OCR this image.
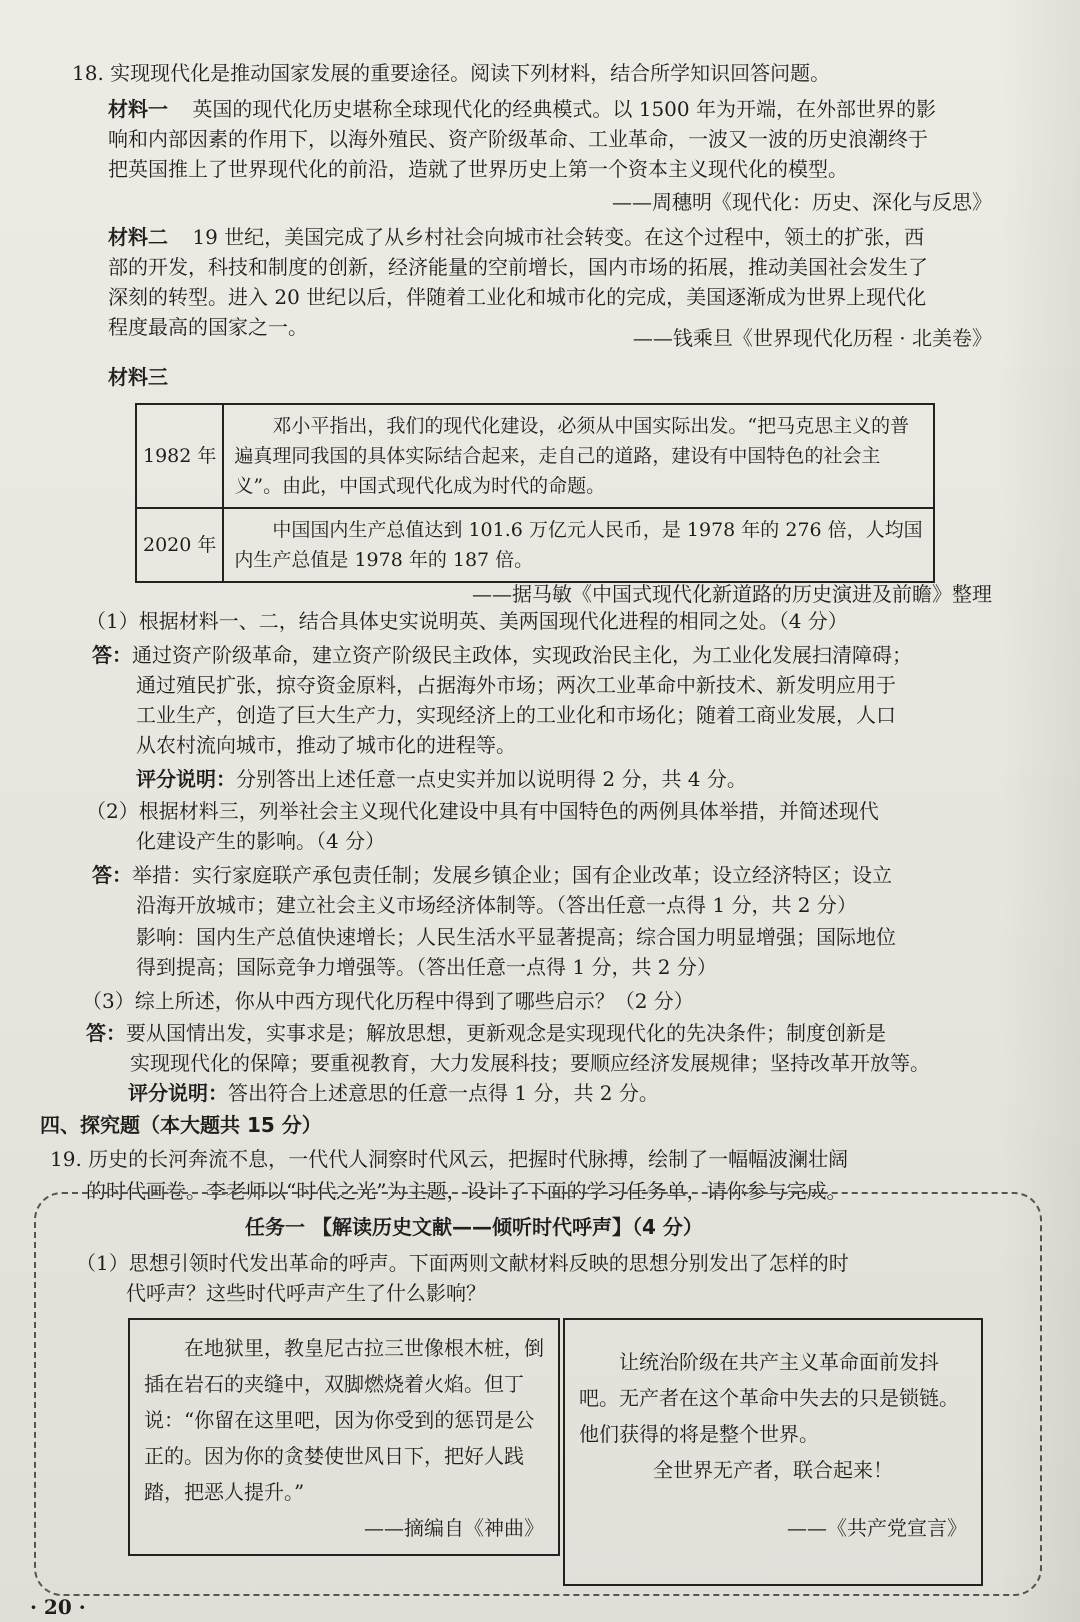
18. 实现现代化是推动国家发展的重要途径。阅读下列材料，结合所学知识回答问题。
材料一 英国的现代化历史堪称全球现代化的经典模式。以 1500 年为开端，在外部世界的影
响和内部因素的作用下，以海外殖民、资产阶级革命、工业革命，一波又一波的历史浪潮终于
把英国推上了世界现代化的前沿，造就了世界历史上第一个资本主义现代化的模型。
——周穗明《现代化：历史、深化与反思》
材料二 19 世纪，美国完成了从乡村社会向城市社会转变。在这个过程中，领土的扩张，西
部的开发，科技和制度的创新，经济能量的空前增长，国内市场的拓展，推动美国社会发生了
深刻的转型。进入 20 世纪以后，伴随着工业化和城市化的完成，美国逐渐成为世界上现代化
程度最高的国家之一。	——钱乘旦《世界现代化历程 · 北美卷》
材料三
1982 年	邓小平指出，我们的现代化建设，必须从中国实际出发。“把马克思主义的普遍真理同我国的具体实际结合起来，走自己的道路，建设有中国特色的社会主义”。由此，中国式现代化成为时代的命题。
2020 年	中国国内生产总值达到 101.6 万亿元人民币，是 1978 年的 276 倍，人均国内生产总值是 1978 年的 187 倍。
——据马敏《中国式现代化新道路的历史演进及前瞻》整理
（1）根据材料一、二，结合具体史实说明英、美两国现代化进程的相同之处。（4 分）
答：通过资产阶级革命，建立资产阶级民主政体，实现政治民主化，为工业化发展扫清障碍；
通过殖民扩张，掠夺资金原料，占据海外市场；两次工业革命中新技术、新发明应用于
工业生产，创造了巨大生产力，实现经济上的工业化和市场化；随着工商业发展，人口
从农村流向城市，推动了城市化的进程等。
评分说明：分别答出上述任意一点史实并加以说明得 2 分，共 4 分。
（2）根据材料三，列举社会主义现代化建设中具有中国特色的两例具体举措，并简述现代
化建设产生的影响。（4 分）
答：举措：实行家庭联产承包责任制；发展乡镇企业；国有企业改革；设立经济特区；设立
沿海开放城市；建立社会主义市场经济体制等。（答出任意一点得 1 分，共 2 分）
影响：国内生产总值快速增长；人民生活水平显著提高；综合国力明显增强；国际地位
得到提高；国际竞争力增强等。（答出任意一点得 1 分，共 2 分）
（3）综上所述，你从中西方现代化历程中得到了哪些启示？（2 分）
答：要从国情出发，实事求是；解放思想，更新观念是实现现代化的先决条件；制度创新是
实现现代化的保障；要重视教育，大力发展科技；要顺应经济发展规律；坚持改革开放等。
评分说明：答出符合上述意思的任意一点得 1 分，共 2 分。
四、探究题（本大题共 15 分）
19. 历史的长河奔流不息，一代代人洞察时代风云，把握时代脉搏，绘制了一幅幅波澜壮阔
的时代画卷。李老师以“时代之光”为主题，设计了下面的学习任务单，请你参与完成。
任务一 【解读历史文献——倾听时代呼声】（4 分）
（1）思想引领时代发出革命的呼声。下面两则文献材料反映的思想分别发出了怎样的时
代呼声？这些时代呼声产生了什么影响？
在地狱里，教皇尼古拉三世像根木桩，倒插在岩石的夹缝中，双脚燃烧着火焰。但丁说：“你留在这里吧，因为你受到的惩罚是公正的。因为你的贪婪使世风日下，把好人践踏，把恶人提升。”
——摘编自《神曲》
让统治阶级在共产主义革命面前发抖吧。无产者在这个革命中失去的只是锁链。他们获得的将是整个世界。
全世界无产者，联合起来！
——《共产党宣言》
· 20 ·
